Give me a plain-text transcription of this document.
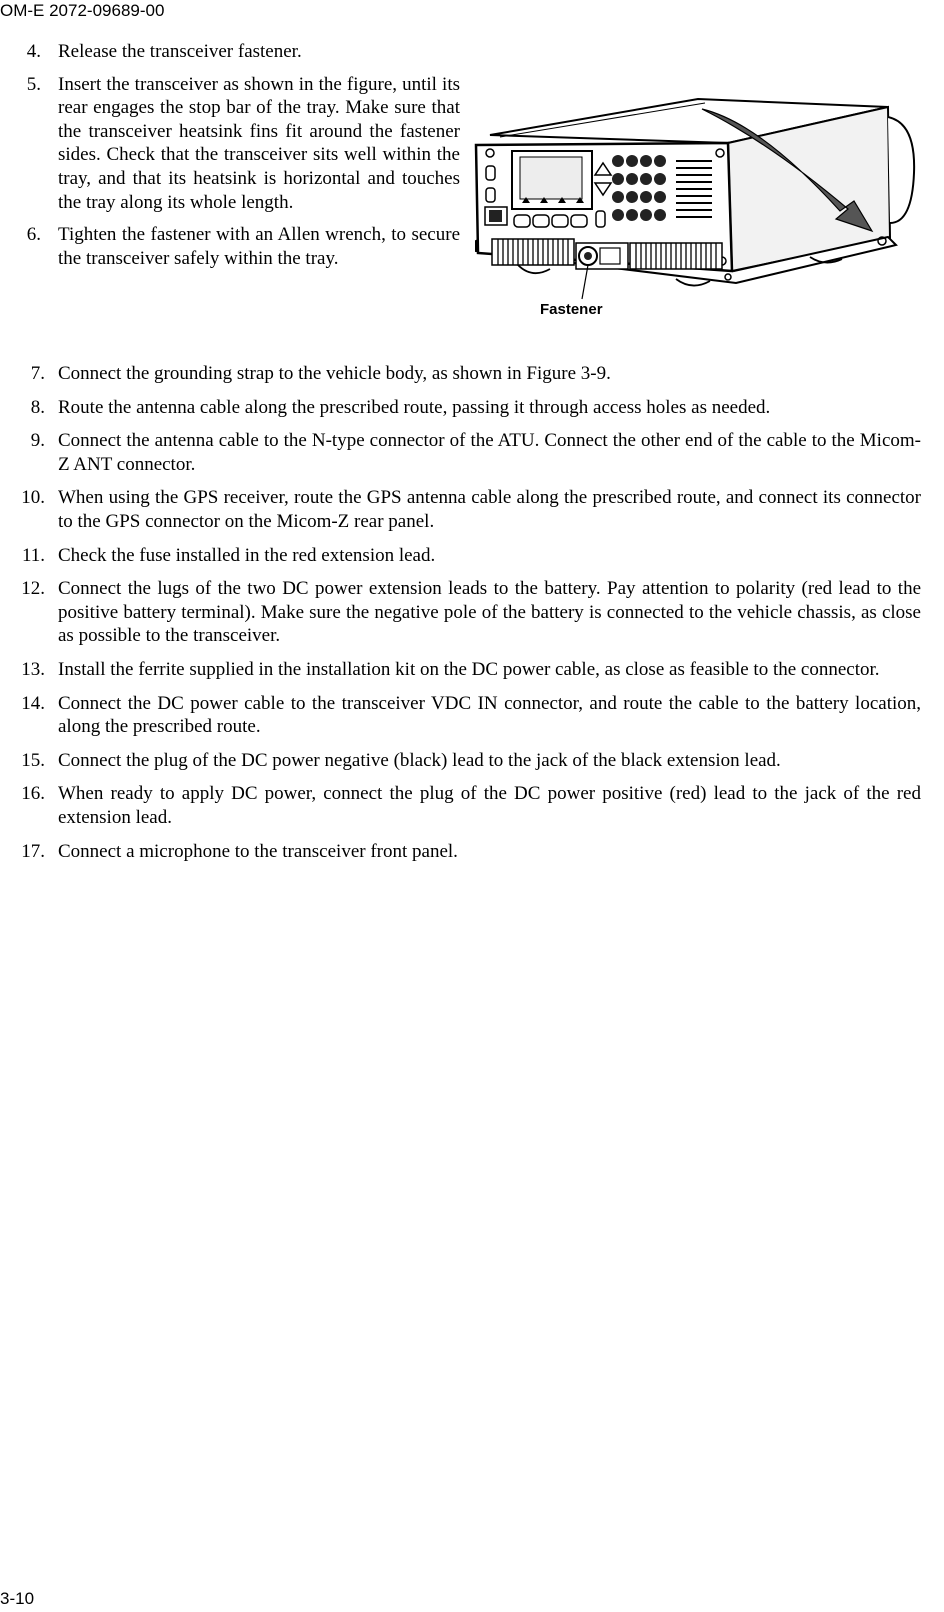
OM-E 2072-09689-00
4. Release the transceiver fastener.
5. Insert the transceiver as shown in the figure, until its rear engages the stop bar of the tray. Make sure that the transceiver heatsink fins fit around the fastener sides. Check that the transceiver sits well within the tray, and that its heatsink is horizontal and touches the tray along its whole length.
6. Tighten the fastener with an Allen wrench, to secure the transceiver safely within the tray.
Fastener
7. Connect the grounding strap to the vehicle body, as shown in Figure 3-9.
8. Route the antenna cable along the prescribed route, passing it through access holes as needed.
9. Connect the antenna cable to the N-type connector of the ATU. Connect the other end of the cable to the Micom-Z ANT connector.
10. When using the GPS receiver, route the GPS antenna cable along the prescribed route, and connect its connector to the GPS connector on the Micom-Z rear panel.
11. Check the fuse installed in the red extension lead.
12. Connect the lugs of the two DC power extension leads to the battery. Pay attention to polarity (red lead to the positive battery terminal). Make sure the negative pole of the battery is connected to the vehicle chassis, as close as possible to the transceiver.
13. Install the ferrite supplied in the installation kit on the DC power cable, as close as feasible to the connector.
14. Connect the DC power cable to the transceiver VDC IN connector, and route the cable to the battery location, along the prescribed route.
15. Connect the plug of the DC power negative (black) lead to the jack of the black extension lead.
16. When ready to apply DC power, connect the plug of the DC power positive (red) lead to the jack of the red extension lead.
17. Connect a microphone to the transceiver front panel.
3-10
